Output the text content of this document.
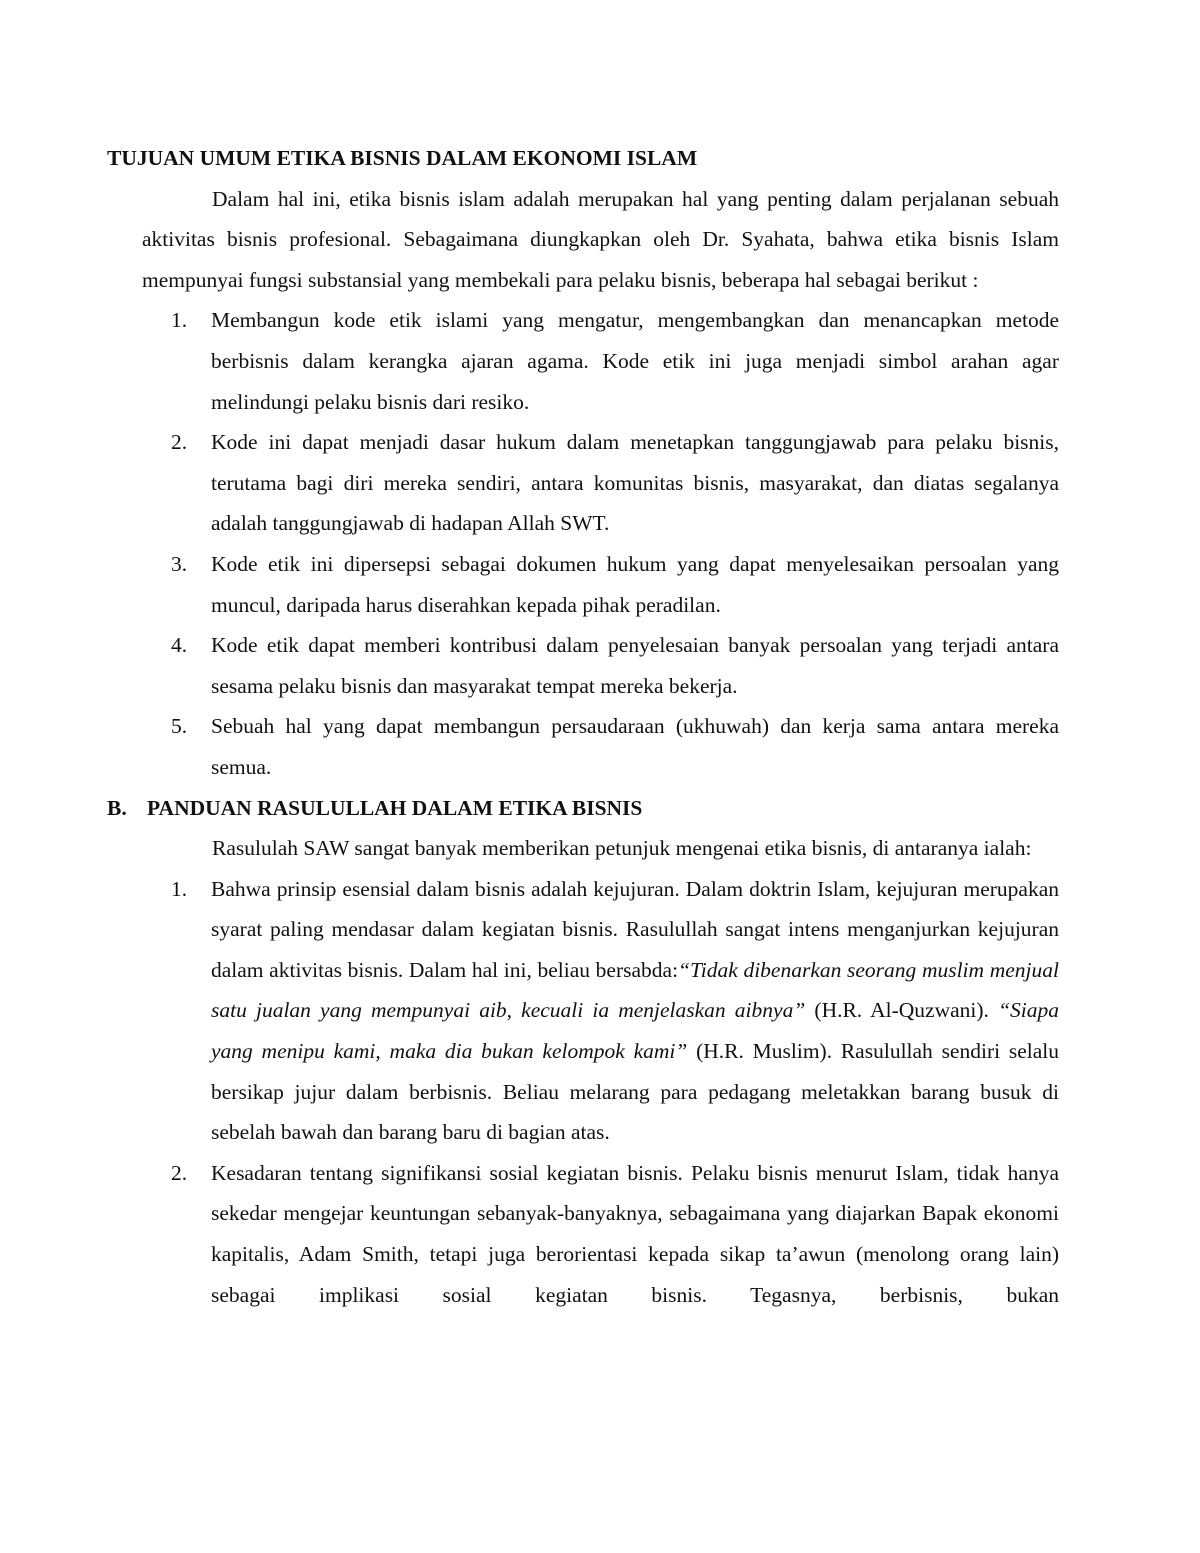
TUJUAN UMUM ETIKA BISNIS DALAM EKONOMI ISLAM

Dalam hal ini, etika bisnis islam adalah merupakan hal yang penting dalam perjalanan sebuah aktivitas bisnis profesional. Sebagaimana diungkapkan oleh Dr. Syahata, bahwa etika bisnis Islam mempunyai fungsi substansial yang membekali para pelaku bisnis, beberapa hal sebagai berikut :

1. Membangun kode etik islami yang mengatur, mengembangkan dan menancapkan metode berbisnis dalam kerangka ajaran agama. Kode etik ini juga menjadi simbol arahan agar melindungi pelaku bisnis dari resiko.
2. Kode ini dapat menjadi dasar hukum dalam menetapkan tanggungjawab para pelaku bisnis, terutama bagi diri mereka sendiri, antara komunitas bisnis, masyarakat, dan diatas segalanya adalah tanggungjawab di hadapan Allah SWT.
3. Kode etik ini dipersepsi sebagai dokumen hukum yang dapat menyelesaikan persoalan yang muncul, daripada harus diserahkan kepada pihak peradilan.
4. Kode etik dapat memberi kontribusi dalam penyelesaian banyak persoalan yang terjadi antara sesama pelaku bisnis dan masyarakat tempat mereka bekerja.
5. Sebuah hal yang dapat membangun persaudaraan (ukhuwah) dan kerja sama antara mereka semua.
B. PANDUAN RASULULLAH DALAM ETIKA BISNIS

Rasululah SAW sangat banyak memberikan petunjuk mengenai etika bisnis, di antaranya ialah:

1. Bahwa prinsip esensial dalam bisnis adalah kejujuran. Dalam doktrin Islam, kejujuran merupakan syarat paling mendasar dalam kegiatan bisnis. Rasulullah sangat intens menganjurkan kejujuran dalam aktivitas bisnis. Dalam hal ini, beliau bersabda:“Tidak dibenarkan seorang muslim menjual satu jualan yang mempunyai aib, kecuali ia menjelaskan aibnya” (H.R. Al-Quzwani). “Siapa yang menipu kami, maka dia bukan kelompok kami” (H.R. Muslim). Rasulullah sendiri selalu bersikap jujur dalam berbisnis. Beliau melarang para pedagang meletakkan barang busuk di sebelah bawah dan barang baru di bagian atas.
2. Kesadaran tentang signifikansi sosial kegiatan bisnis. Pelaku bisnis menurut Islam, tidak hanya sekedar mengejar keuntungan sebanyak-banyaknya, sebagaimana yang diajarkan Bapak ekonomi kapitalis, Adam Smith, tetapi juga berorientasi kepada sikap ta’awun (menolong orang lain) sebagai implikasi sosial kegiatan bisnis. Tegasnya, berbisnis, bukan
